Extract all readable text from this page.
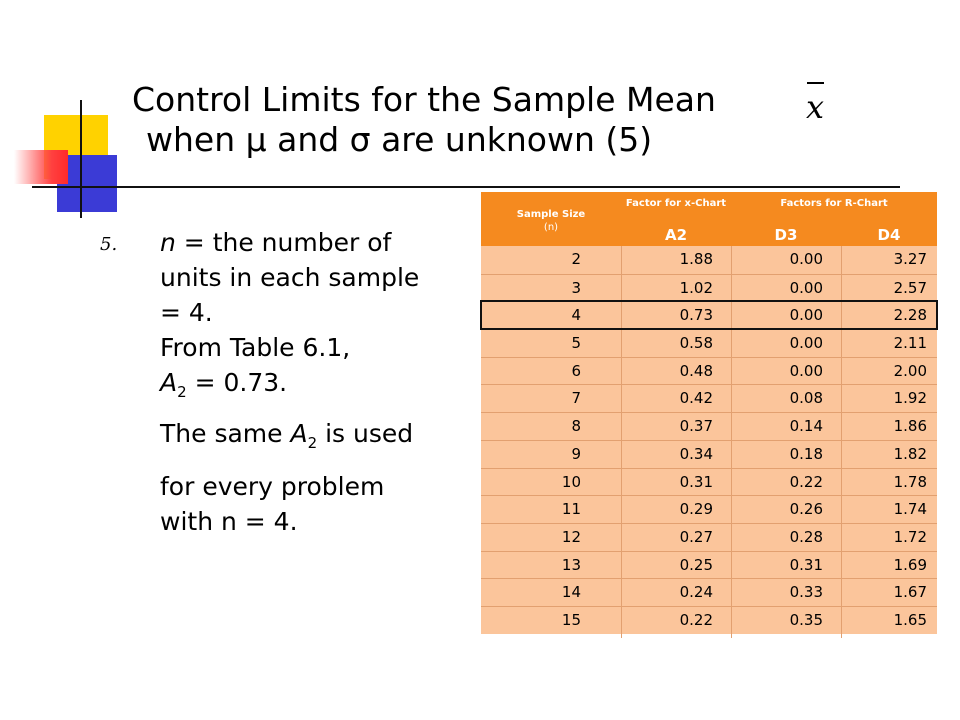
Control Limits for the Sample Mean
when μ and σ are unknown (5)
x
5. n = the number of
units in each sample
= 4.
From Table 6.1,
$A_2 = 0.73$.
The same $A_2$ is used
for every problem
with n = 4.
Sample Size
(n)
Factor for x-Chart	Factors for R-Chart
A2	D3	D4
2	1.88	0.00	3.27
3	1.02	0.00	2.57
4	0.73	0.00	2.28
5	0.58	0.00	2.11
6	0.48	0.00	2.00
7	0.42	0.08	1.92
8	0.37	0.14	1.86
9	0.34	0.18	1.82
10	0.31	0.22	1.78
11	0.29	0.26	1.74
12	0.27	0.28	1.72
13	0.25	0.31	1.69
14	0.24	0.33	1.67
15	0.22	0.35	1.65
